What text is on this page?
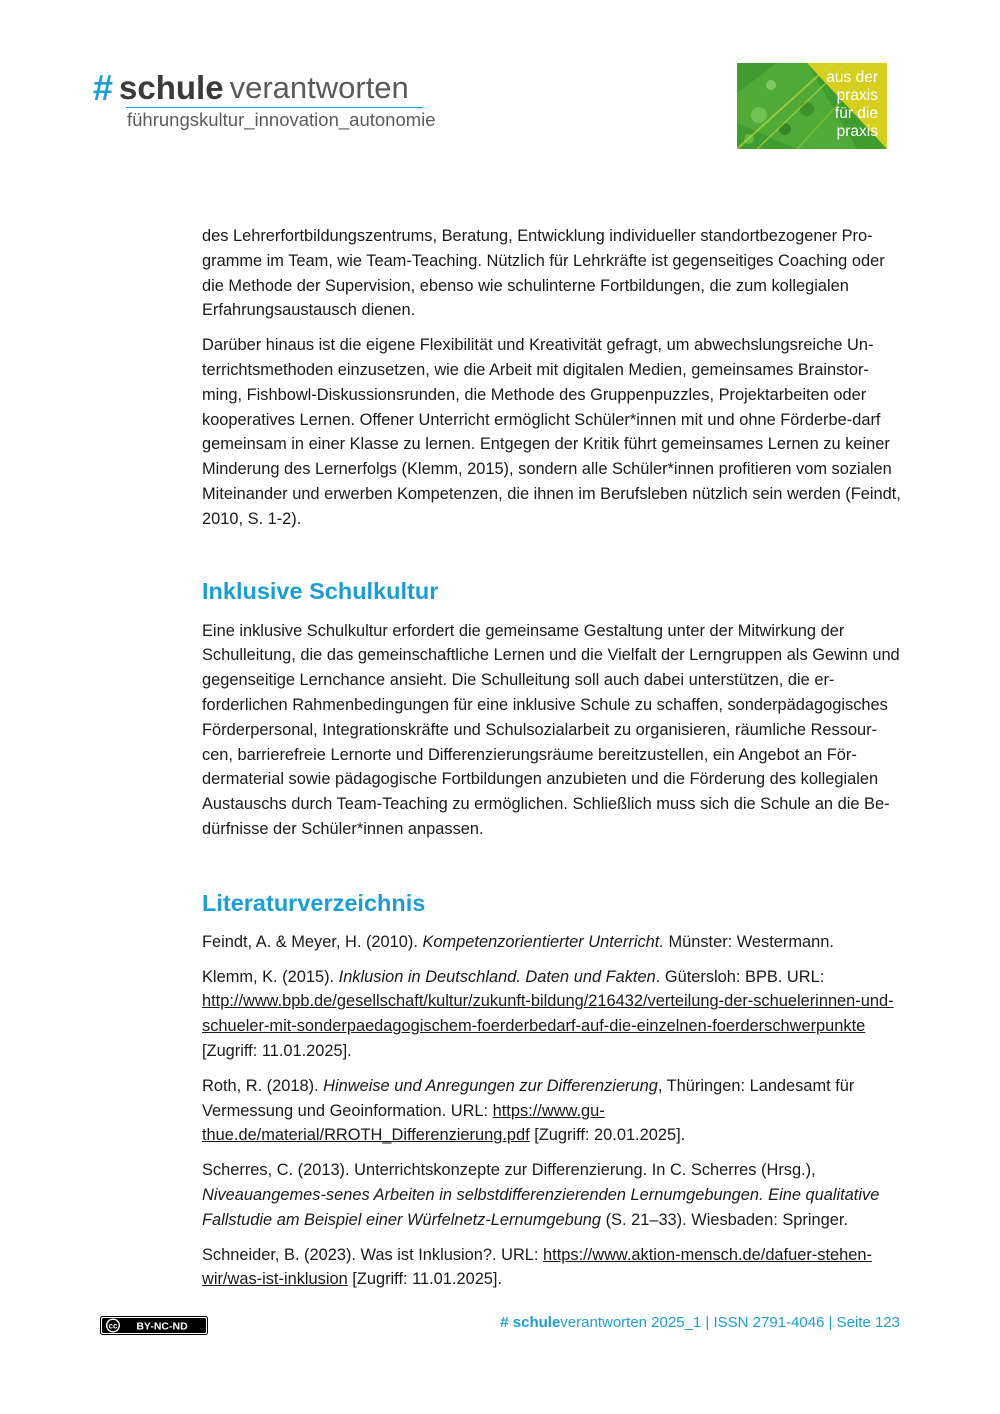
# schule verantworten
führungskultur_innovation_autonomie
aus der
praxis
für die
praxis

des Lehrerfortbildungszentrums, Beratung, Entwicklung individueller standortbezogener Pro-gramme im Team, wie Team-Teaching. Nützlich für Lehrkräfte ist gegenseitiges Coaching oder die Methode der Supervision, ebenso wie schulinterne Fortbildungen, die zum kollegialen Erfahrungsaustausch dienen.

Darüber hinaus ist die eigene Flexibilität und Kreativität gefragt, um abwechslungsreiche Un-terrichtsmethoden einzusetzen, wie die Arbeit mit digitalen Medien, gemeinsames Brainstor-ming, Fishbowl-Diskussionsrunden, die Methode des Gruppenpuzzles, Projektarbeiten oder kooperatives Lernen. Offener Unterricht ermöglicht Schüler*innen mit und ohne Förderbe-darf gemeinsam in einer Klasse zu lernen. Entgegen der Kritik führt gemeinsames Lernen zu keiner Minderung des Lernerfolgs (Klemm, 2015), sondern alle Schüler*innen profitieren vom sozialen Miteinander und erwerben Kompetenzen, die ihnen im Berufsleben nützlich sein werden (Feindt, 2010, S. 1-2).

Inklusive Schulkultur

Eine inklusive Schulkultur erfordert die gemeinsame Gestaltung unter der Mitwirkung der Schulleitung, die das gemeinschaftliche Lernen und die Vielfalt der Lerngruppen als Gewinn und gegenseitige Lernchance ansieht. Die Schulleitung soll auch dabei unterstützen, die er-forderlichen Rahmenbedingungen für eine inklusive Schule zu schaffen, sonderpädagogisches Förderpersonal, Integrationskräfte und Schulsozialarbeit zu organisieren, räumliche Ressour-cen, barrierefreie Lernorte und Differenzierungsräume bereitzustellen, ein Angebot an För-dermaterial sowie pädagogische Fortbildungen anzubieten und die Förderung des kollegialen Austauschs durch Team-Teaching zu ermöglichen. Schließlich muss sich die Schule an die Be-dürfnisse der Schüler*innen anpassen.

Literaturverzeichnis

Feindt, A. & Meyer, H. (2010). Kompetenzorientierter Unterricht. Münster: Westermann.

Klemm, K. (2015). Inklusion in Deutschland. Daten und Fakten. Gütersloh: BPB. URL: http://www.bpb.de/gesellschaft/kultur/zukunft-bildung/216432/verteilung-der-schuelerinnen-und-schueler-mit-sonderpaedagogischem-foerderbedarf-auf-die-einzelnen-foerderschwerpunkte [Zugriff: 11.01.2025].

Roth, R. (2018). Hinweise und Anregungen zur Differenzierung, Thüringen: Landesamt für Vermessung und Geoinformation. URL: https://www.gu-thue.de/material/RROTH_Differenzierung.pdf [Zugriff: 20.01.2025].

Scherres, C. (2013). Unterrichtskonzepte zur Differenzierung. In C. Scherres (Hrsg.), Niveauangemes-senes Arbeiten in selbstdifferenzierenden Lernumgebungen. Eine qualitative Fallstudie am Beispiel einer Würfelnetz-Lernumgebung (S. 21–33). Wiesbaden: Springer.

Schneider, B. (2023). Was ist Inklusion?. URL: https://www.aktion-mensch.de/dafuer-stehen-wir/was-ist-inklusion [Zugriff: 11.01.2025].

cc BY-NC-ND	# schuleverantworten 2025_1 | ISSN 2791-4046 | Seite 123
